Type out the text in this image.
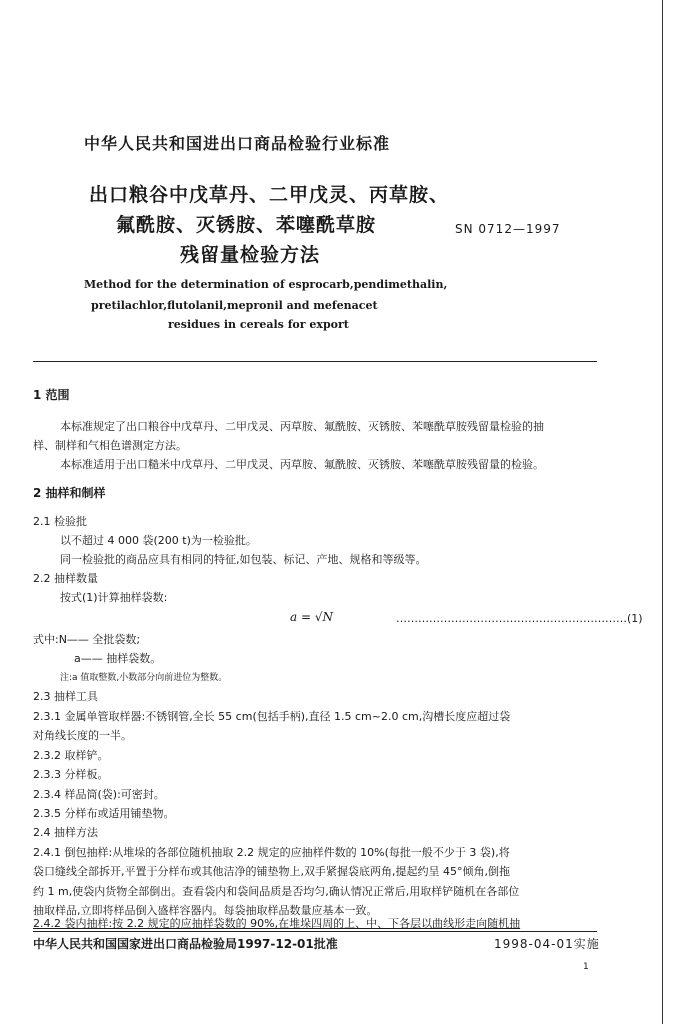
中华人民共和国进出口商品检验行业标准
出口粮谷中戊草丹、二甲戊灵、丙草胺、
氟酰胺、灭锈胺、苯噻酰草胺
残留量检验方法
SN 0712—1997
Method for the determination of esprocarb,pendimethalin,
pretilachlor,flutolanil,mepronil and mefenacet
residues in cereals for export
1 范围
本标准规定了出口粮谷中戊草丹、二甲戊灵、丙草胺、氟酰胺、灭锈胺、苯噻酰草胺残留量检验的抽
样、制样和气相色谱测定方法。
本标准适用于出口糙米中戊草丹、二甲戊灵、丙草胺、氟酰胺、灭锈胺、苯噻酰草胺残留量的检验。
2 抽样和制样
2.1 检验批
以不超过 4 000 袋(200 t)为一检验批。
同一检验批的商品应具有相同的特征,如包装、标记、产地、规格和等级等。
2.2 抽样数量
按式(1)计算抽样袋数:
a = √N	………………………………………………………(1)
式中:N—— 全批袋数;
a—— 抽样袋数。
注:a 值取整数,小数部分向前进位为整数。
2.3 抽样工具
2.3.1 金属单管取样器:不锈钢管,全长 55 cm(包括手柄),直径 1.5 cm~2.0 cm,沟槽长度应超过袋
对角线长度的一半。
2.3.2 取样铲。
2.3.3 分样板。
2.3.4 样品筒(袋):可密封。
2.3.5 分样布或适用铺垫物。
2.4 抽样方法
2.4.1 倒包抽样:从堆垛的各部位随机抽取 2.2 规定的应抽样件数的 10%(每批一般不少于 3 袋),将
袋口缝线全部拆开,平置于分样布或其他洁净的铺垫物上,双手紧握袋底两角,提起约呈 45°倾角,倒拖
约 1 m,使袋内货物全部倒出。查看袋内和袋间品质是否均匀,确认情况正常后,用取样铲随机在各部位
抽取样品,立即将样品倒入盛样容器内。每袋抽取样品数量应基本一致。
2.4.2 袋内抽样:按 2.2 规定的应抽样袋数的 90%,在堆垛四周的上、中、下各层以曲线形走向随机抽
中华人民共和国国家进出口商品检验局1997-12-01批准	1998-04-01实施
1
